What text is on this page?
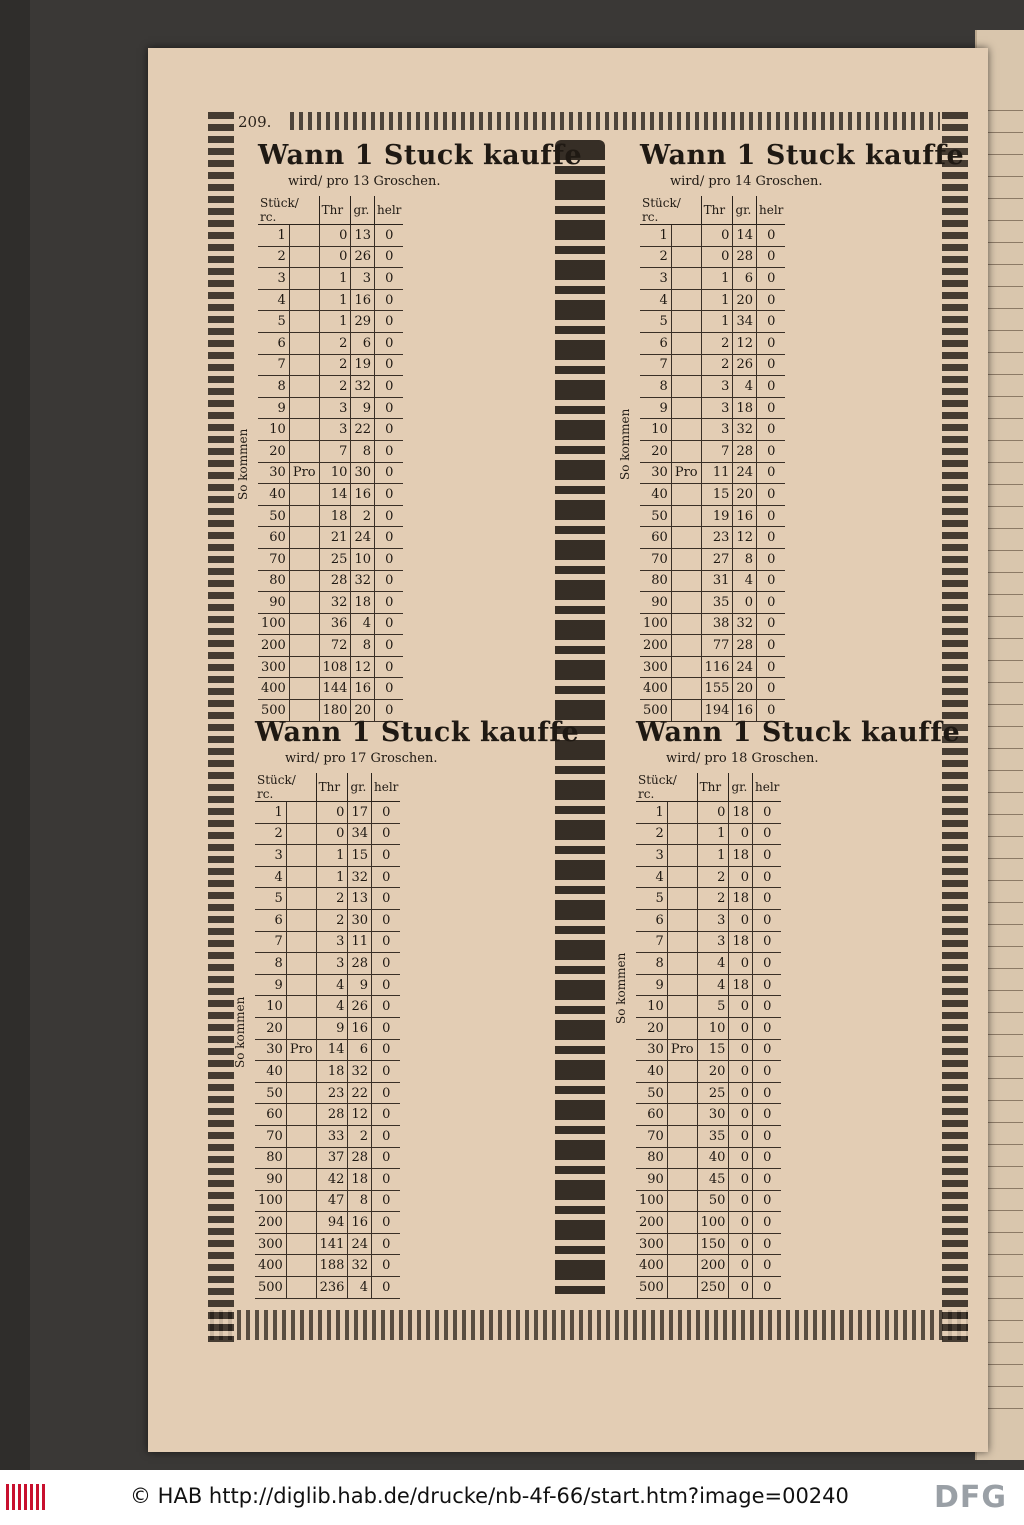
209.
Wann 1 Stuck kauffe
wird/ pro 13 Groschen.
So kommen
Stück/ rc.		Thr	gr.	helr
1		0	13	0
2		0	26	0
3		1	3	0
4		1	16	0
5		1	29	0
6		2	6	0
7		2	19	0
8		2	32	0
9		3	9	0
10		3	22	0
20		7	8	0
30	Pro	10	30	0
40		14	16	0
50		18	2	0
60		21	24	0
70		25	10	0
80		28	32	0
90		32	18	0
100		36	4	0
200		72	8	0
300		108	12	0
400		144	16	0
500		180	20	0
Wann 1 Stuck kauffe
wird/ pro 14 Groschen.
So kommen
Stück/ rc.		Thr	gr.	helr
1		0	14	0
2		0	28	0
3		1	6	0
4		1	20	0
5		1	34	0
6		2	12	0
7		2	26	0
8		3	4	0
9		3	18	0
10		3	32	0
20		7	28	0
30	Pro	11	24	0
40		15	20	0
50		19	16	0
60		23	12	0
70		27	8	0
80		31	4	0
90		35	0	0
100		38	32	0
200		77	28	0
300		116	24	0
400		155	20	0
500		194	16	0
Wann 1 Stuck kauffe
wird/ pro 17 Groschen.
So kommen
Stück/ rc.		Thr	gr.	helr
1		0	17	0
2		0	34	0
3		1	15	0
4		1	32	0
5		2	13	0
6		2	30	0
7		3	11	0
8		3	28	0
9		4	9	0
10		4	26	0
20		9	16	0
30	Pro	14	6	0
40		18	32	0
50		23	22	0
60		28	12	0
70		33	2	0
80		37	28	0
90		42	18	0
100		47	8	0
200		94	16	0
300		141	24	0
400		188	32	0
500		236	4	0
Wann 1 Stuck kauffe
wird/ pro 18 Groschen.
So kommen
Stück/ rc.		Thr	gr.	helr
1		0	18	0
2		1	0	0
3		1	18	0
4		2	0	0
5		2	18	0
6		3	0	0
7		3	18	0
8		4	0	0
9		4	18	0
10		5	0	0
20		10	0	0
30	Pro	15	0	0
40		20	0	0
50		25	0	0
60		30	0	0
70		35	0	0
80		40	0	0
90		45	0	0
100		50	0	0
200		100	0	0
300		150	0	0
400		200	0	0
500		250	0	0
© HAB http://diglib.hab.de/drucke/nb-4f-66/start.htm?image=00240	DFG
